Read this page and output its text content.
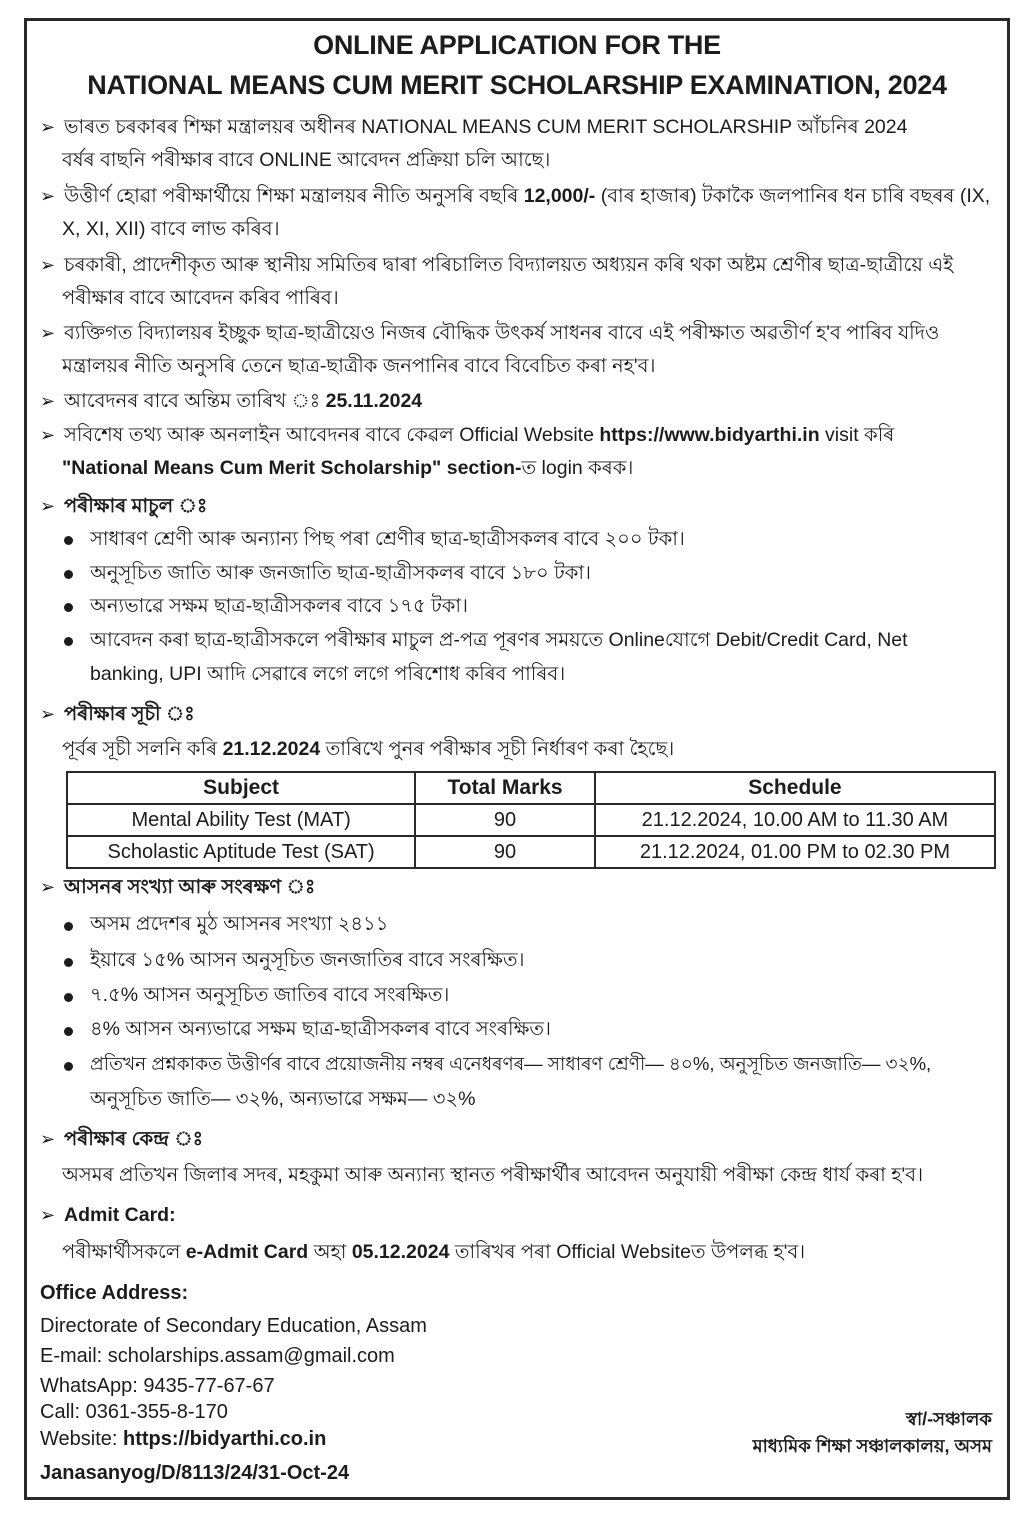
ONLINE APPLICATION FOR THE
NATIONAL MEANS CUM MERIT SCHOLARSHIP EXAMINATION, 2024
➢ ভাৰত চৰকাৰৰ শিক্ষা মন্ত্ৰালয়ৰ অধীনৰ NATIONAL MEANS CUM MERIT SCHOLARSHIP আঁচনিৰ 2024
বৰ্ষৰ বাছনি পৰীক্ষাৰ বাবে ONLINE আবেদন প্ৰক্ৰিয়া চলি আছে।
➢ উত্তীৰ্ণ হোৱা পৰীক্ষাৰ্থীয়ে শিক্ষা মন্ত্ৰালয়ৰ নীতি অনুসৰি বছৰি 12,000/- (বাৰ হাজাৰ) টকাকৈ জলপানিৰ ধন চাৰি বছৰৰ (IX,
X, XI, XII) বাবে লাভ কৰিব।
➢ চৰকাৰী, প্ৰাদেশীকৃত আৰু স্থানীয় সমিতিৰ দ্বাৰা পৰিচালিত বিদ্যালয়ত অধ্যয়ন কৰি থকা অষ্টম শ্ৰেণীৰ ছাত্ৰ-ছাত্ৰীয়ে এই
পৰীক্ষাৰ বাবে আবেদন কৰিব পাৰিব।
➢ ব্যক্তিগত বিদ্যালয়ৰ ইচ্ছুক ছাত্ৰ-ছাত্ৰীয়েও নিজৰ বৌদ্ধিক উৎকৰ্ষ সাধনৰ বাবে এই পৰীক্ষাত অৱতীৰ্ণ হ'ব পাৰিব যদিও
মন্ত্ৰালয়ৰ নীতি অনুসৰি তেনে ছাত্ৰ-ছাত্ৰীক জনপানিৰ বাবে বিবেচিত কৰা নহ'ব।
➢ আবেদনৰ বাবে অন্তিম তাৰিখ ঃ 25.11.2024
➢ সবিশেষ তথ্য আৰু অনলাইন আবেদনৰ বাবে কেৱল Official Website https://www.bidyarthi.in visit কৰি
"National Means Cum Merit Scholarship" section-ত login কৰক।
➢ পৰীক্ষাৰ মাচুল ঃ
সাধাৰণ শ্ৰেণী আৰু অন্যান্য পিছ পৰা শ্ৰেণীৰ ছাত্ৰ-ছাত্ৰীসকলৰ বাবে ২০০ টকা।
অনুসূচিত জাতি আৰু জনজাতি ছাত্ৰ-ছাত্ৰীসকলৰ বাবে ১৮০ টকা।
অন্যভাৱে সক্ষম ছাত্ৰ-ছাত্ৰীসকলৰ বাবে ১৭৫ টকা।
আবেদন কৰা ছাত্ৰ-ছাত্ৰীসকলে পৰীক্ষাৰ মাচুল প্ৰ-পত্ৰ পূৰণৰ সময়তে Onlineযোগে Debit/Credit Card, Net
banking, UPI আদি সেৱাৰে লগে লগে পৰিশোধ কৰিব পাৰিব।
➢ পৰীক্ষাৰ সূচী ঃ
পূৰ্বৰ সূচী সলনি কৰি 21.12.2024 তাৰিখে পুনৰ পৰীক্ষাৰ সূচী নিৰ্ধাৰণ কৰা হৈছে।
Subject	Total Marks	Schedule
Mental Ability Test (MAT)	90	21.12.2024, 10.00 AM to 11.30 AM
Scholastic Aptitude Test (SAT)	90	21.12.2024, 01.00 PM to 02.30 PM
➢ আসনৰ সংখ্যা আৰু সংৰক্ষণ ঃ
অসম প্ৰদেশৰ মুঠ আসনৰ সংখ্যা ২৪১১
ইয়াৰে ১৫% আসন অনুসূচিত জনজাতিৰ বাবে সংৰক্ষিত।
৭.৫% আসন অনুসূচিত জাতিৰ বাবে সংৰক্ষিত।
৪% আসন অন্যভাৱে সক্ষম ছাত্ৰ-ছাত্ৰীসকলৰ বাবে সংৰক্ষিত।
প্ৰতিখন প্ৰশ্নকাকত উত্তীৰ্ণৰ বাবে প্ৰয়োজনীয় নম্বৰ এনেধৰণৰ— সাধাৰণ শ্ৰেণী— ৪০%, অনুসূচিত জনজাতি— ৩২%,
অনুসূচিত জাতি— ৩২%, অন্যভাৱে সক্ষম— ৩২%
➢ পৰীক্ষাৰ কেন্দ্ৰ ঃ
অসমৰ প্ৰতিখন জিলাৰ সদৰ, মহকুমা আৰু অন্যান্য স্থানত পৰীক্ষাৰ্থীৰ আবেদন অনুযায়ী পৰীক্ষা কেন্দ্ৰ ধাৰ্য কৰা হ'ব।
➢ Admit Card:
পৰীক্ষাৰ্থীসকলে e-Admit Card অহা 05.12.2024 তাৰিখৰ পৰা Official Websiteত উপলব্ধ হ'ব।
Office Address:
Directorate of Secondary Education, Assam
E-mail: scholarships.assam@gmail.com
WhatsApp: 9435-77-67-67
Call: 0361-355-8-170
Website: https://bidyarthi.co.in
Janasanyog/D/8113/24/31-Oct-24
স্বা/-সঞ্চালক
মাধ্যমিক শিক্ষা সঞ্চালকালয়, অসম
